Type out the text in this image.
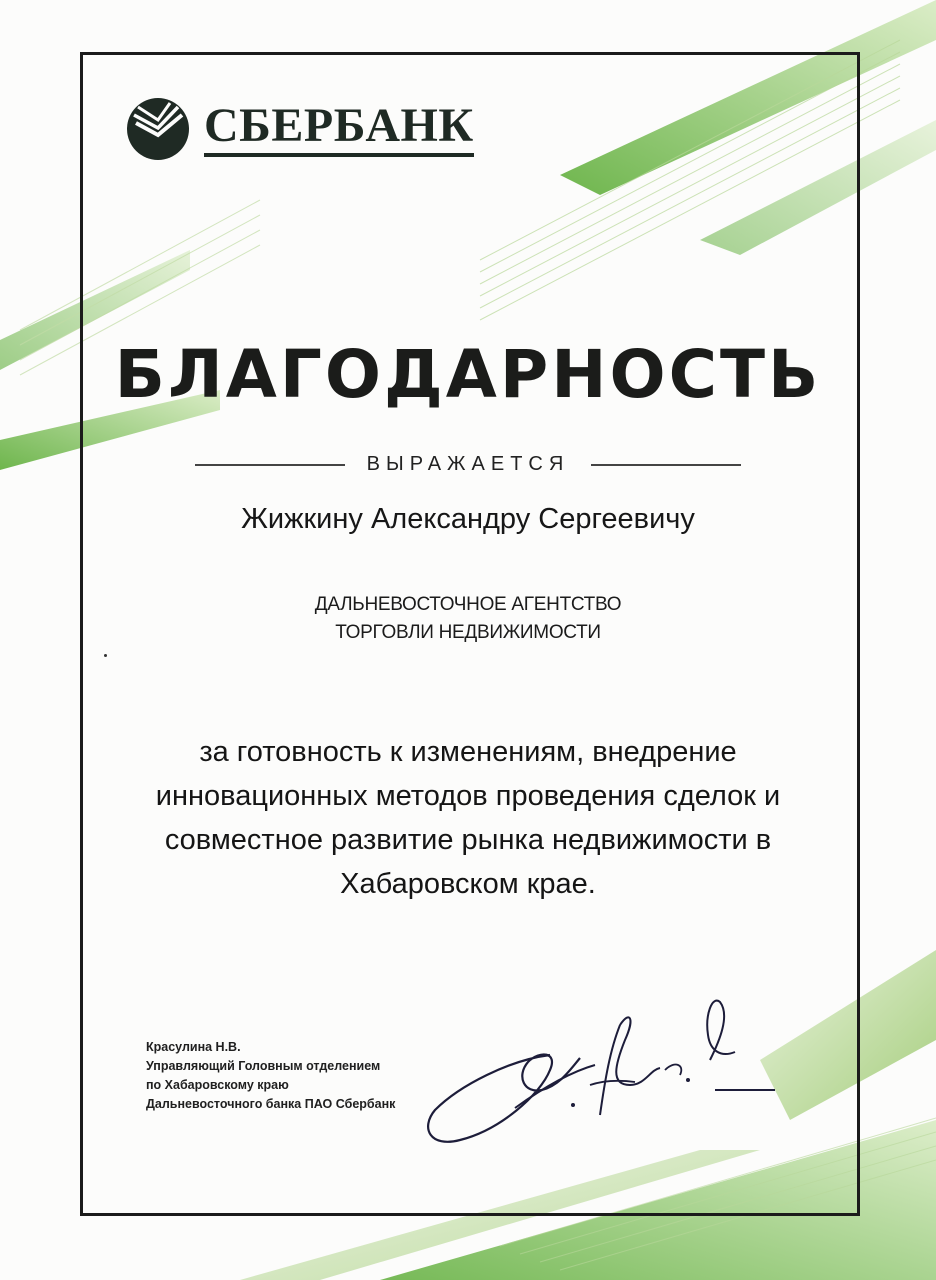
СБЕРБАНК
БЛАГОДАРНОСТЬ
ВЫРАЖАЕТСЯ
Жижкину Александру Сергеевичу
ДАЛЬНЕВОСТОЧНОЕ АГЕНТСТВО
ТОРГОВЛИ НЕДВИЖИМОСТИ
за готовность к изменениям, внедрение
инновационных методов проведения сделок и
совместное развитие рынка недвижимости в
Хабаровском крае.
Красулина Н.В.
Управляющий Головным отделением
по Хабаровскому краю
Дальневосточного банка ПАО Сбербанк
